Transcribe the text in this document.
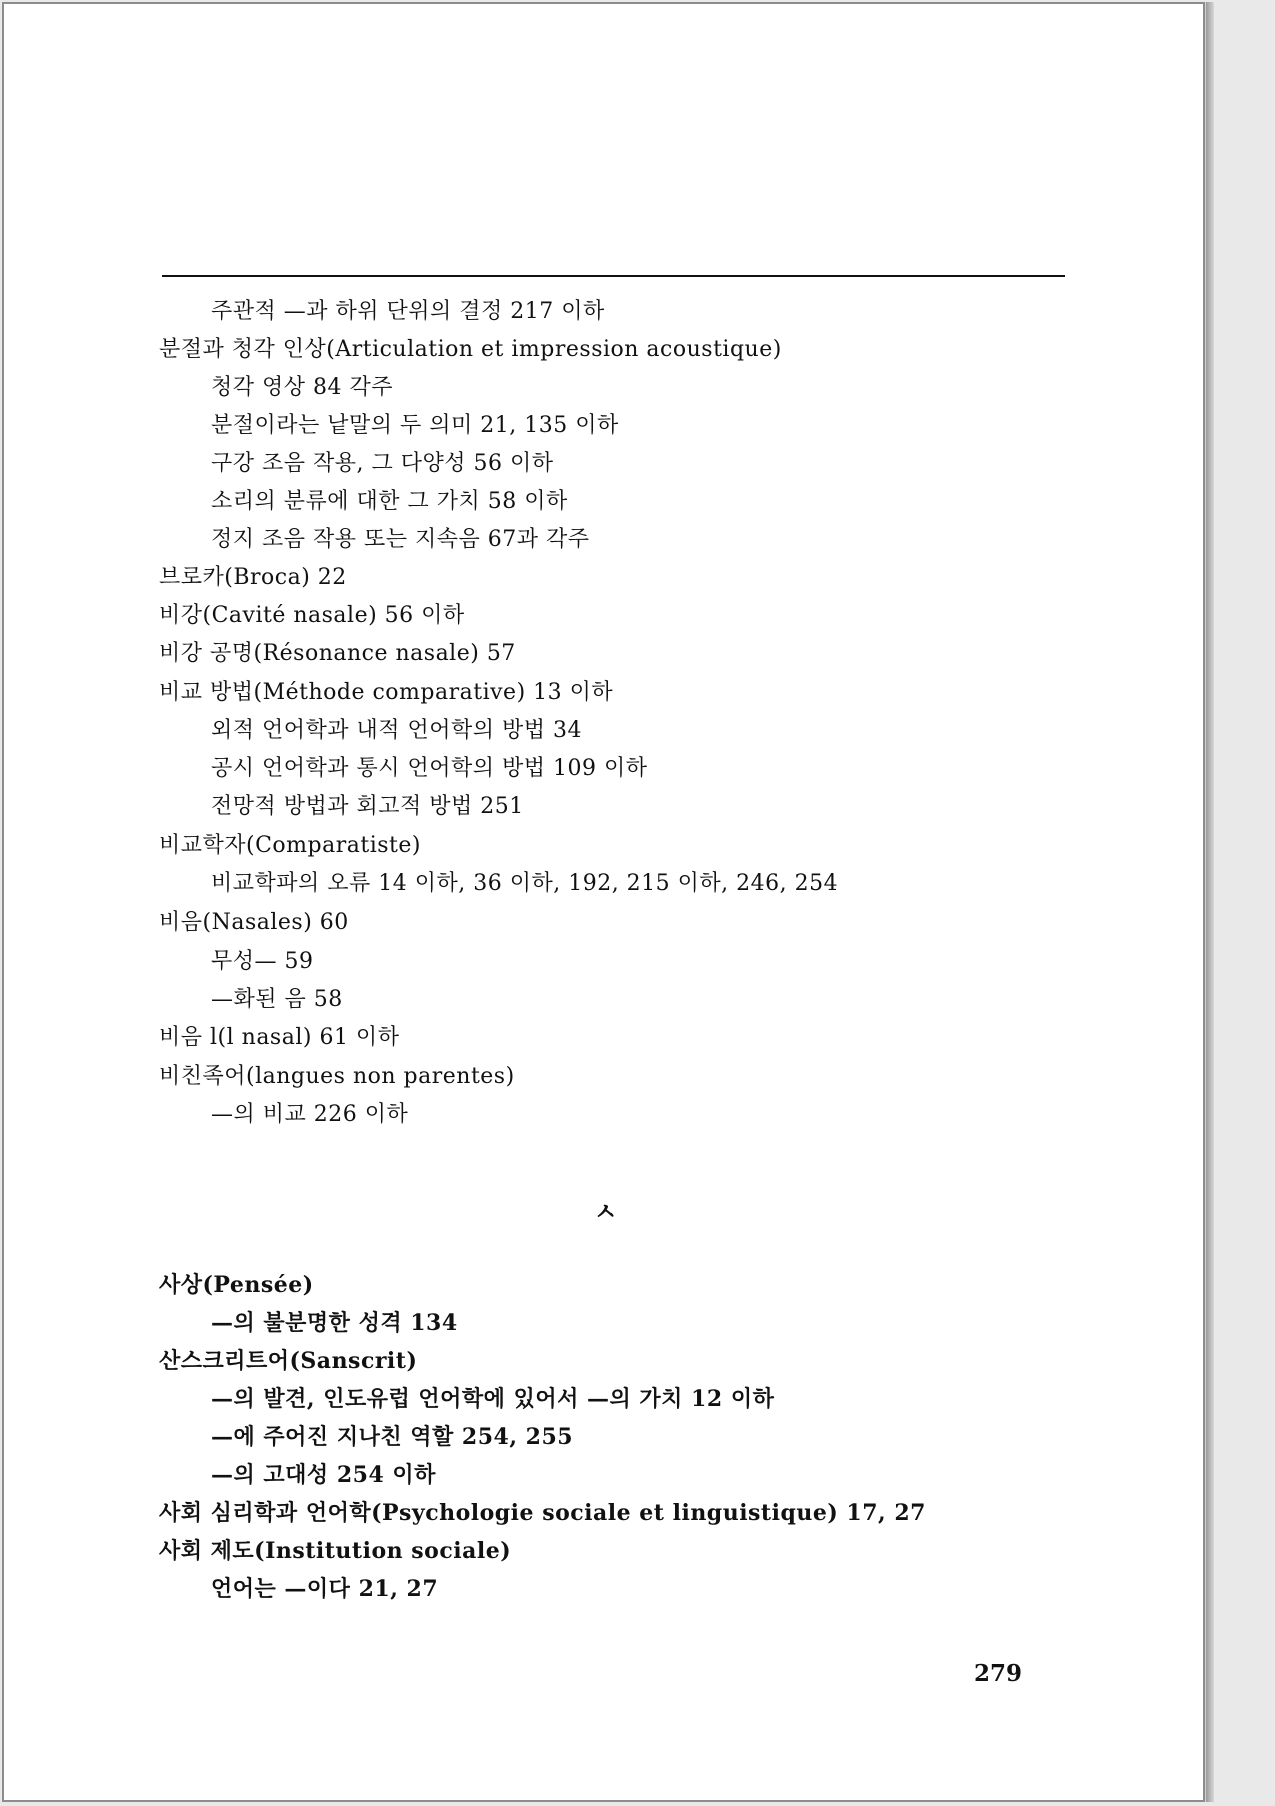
주관적 —과 하위 단위의 결정 217 이하
분절과 청각 인상(Articulation et impression acoustique)
청각 영상 84 각주
분절이라는 낱말의 두 의미 21, 135 이하
구강 조음 작용, 그 다양성 56 이하
소리의 분류에 대한 그 가치 58 이하
정지 조음 작용 또는 지속음 67과 각주
브로카(Broca) 22
비강(Cavité nasale) 56 이하
비강 공명(Résonance nasale) 57
비교 방법(Méthode comparative) 13 이하
외적 언어학과 내적 언어학의 방법 34
공시 언어학과 통시 언어학의 방법 109 이하
전망적 방법과 회고적 방법 251
비교학자(Comparatiste)
비교학파의 오류 14 이하, 36 이하, 192, 215 이하, 246, 254
비음(Nasales) 60
무성— 59
—화된 음 58
비음 l(l nasal) 61 이하
비친족어(langues non parentes)
—의 비교 226 이하
ㅅ
사상(Pensée)
—의 불분명한 성격 134
산스크리트어(Sanscrit)
—의 발견, 인도유럽 언어학에 있어서 —의 가치 12 이하
—에 주어진 지나친 역할 254, 255
—의 고대성 254 이하
사회 심리학과 언어학(Psychologie sociale et linguistique) 17, 27
사회 제도(Institution sociale)
언어는 —이다 21, 27
279
